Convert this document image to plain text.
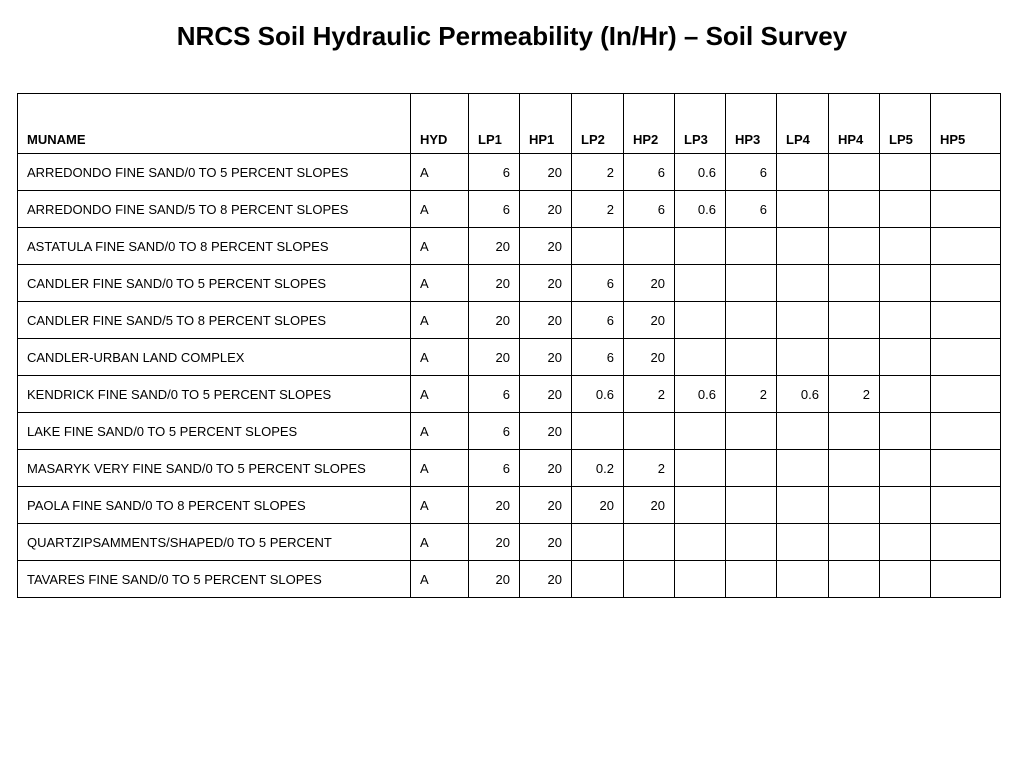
NRCS Soil Hydraulic Permeability (In/Hr) – Soil Survey
MUNAME	HYD	LP1	HP1	LP2	HP2	LP3	HP3	LP4	HP4	LP5	HP5
ARREDONDO FINE SAND/0 TO 5 PERCENT SLOPES	A	6	20	2	6	0.6	6				
ARREDONDO FINE SAND/5 TO 8 PERCENT SLOPES	A	6	20	2	6	0.6	6				
ASTATULA FINE SAND/0 TO 8 PERCENT SLOPES	A	20	20								
CANDLER FINE SAND/0 TO 5 PERCENT SLOPES	A	20	20	6	20						
CANDLER FINE SAND/5 TO 8 PERCENT SLOPES	A	20	20	6	20						
CANDLER-URBAN LAND COMPLEX	A	20	20	6	20						
KENDRICK FINE SAND/0 TO 5 PERCENT SLOPES	A	6	20	0.6	2	0.6	2	0.6	2		
LAKE FINE SAND/0 TO 5 PERCENT SLOPES	A	6	20								
MASARYK VERY FINE SAND/0 TO 5 PERCENT SLOPES	A	6	20	0.2	2						
PAOLA FINE SAND/0 TO 8 PERCENT SLOPES	A	20	20	20	20						
QUARTZIPSAMMENTS/SHAPED/0 TO 5 PERCENT	A	20	20								
TAVARES FINE SAND/0 TO 5 PERCENT SLOPES	A	20	20								
